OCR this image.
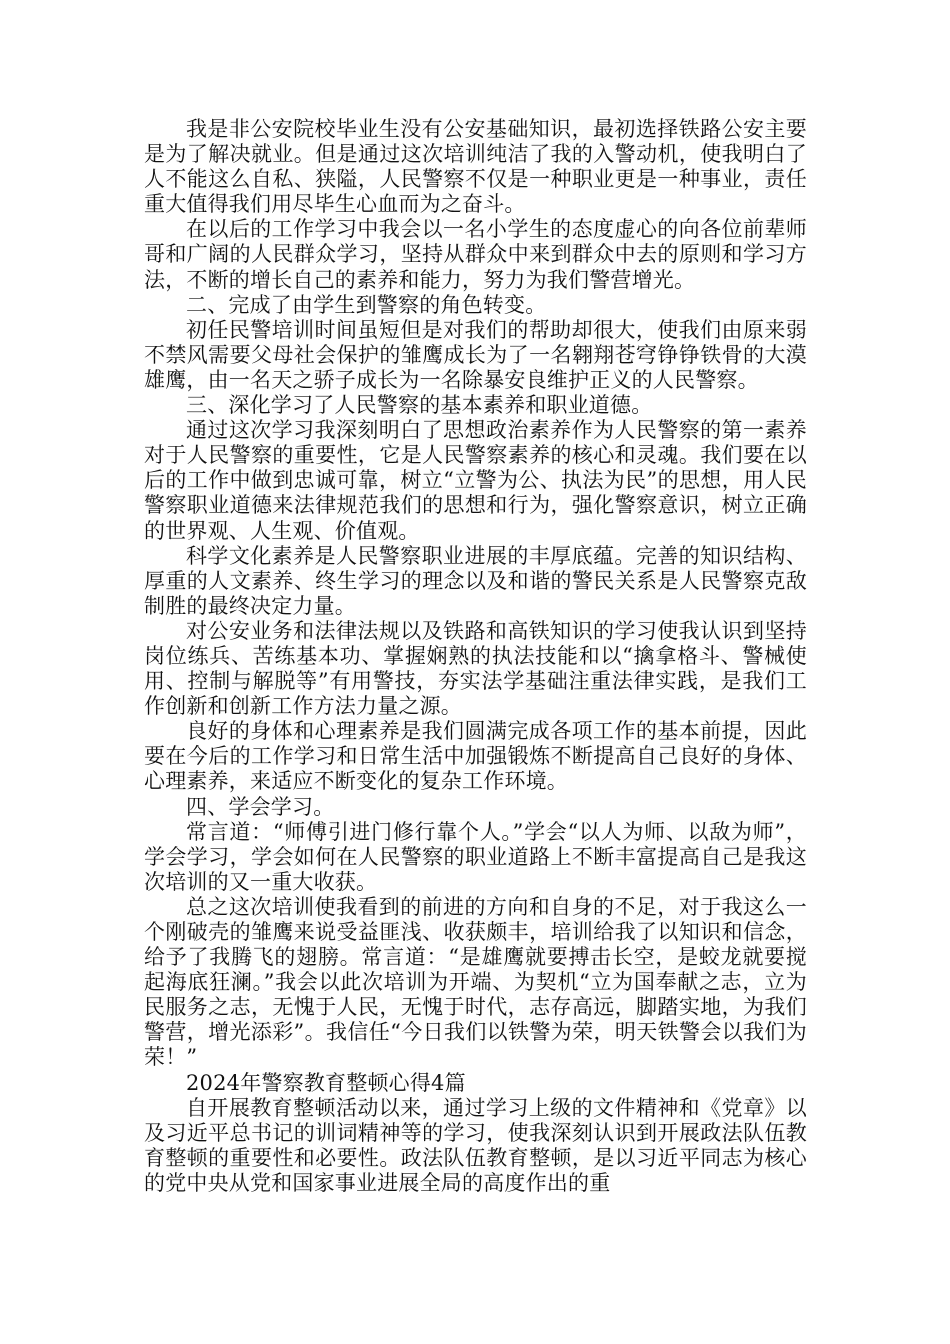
我是非公安院校毕业生没有公安基础知识，最初选择铁路公安主要是为了解决就业。但是通过这次培训纯洁了我的入警动机，使我明白了人不能这么自私、狭隘，人民警察不仅是一种职业更是一种事业，责任重大值得我们用尽毕生心血而为之奋斗。

在以后的工作学习中我会以一名小学生的态度虚心的向各位前辈师哥和广阔的人民群众学习，坚持从群众中来到群众中去的原则和学习方法，不断的增长自己的素养和能力，努力为我们警营增光。

二、完成了由学生到警察的角色转变。

初任民警培训时间虽短但是对我们的帮助却很大，使我们由原来弱不禁风需要父母社会保护的雏鹰成长为了一名翱翔苍穹铮铮铁骨的大漠雄鹰，由一名天之骄子成长为一名除暴安良维护正义的人民警察。

三、深化学习了人民警察的基本素养和职业道德。

通过这次学习我深刻明白了思想政治素养作为人民警察的第一素养对于人民警察的重要性，它是人民警察素养的核心和灵魂。我们要在以后的工作中做到忠诚可靠，树立“立警为公、执法为民”的思想，用人民警察职业道德来法律规范我们的思想和行为，强化警察意识，树立正确的世界观、人生观、价值观。

科学文化素养是人民警察职业进展的丰厚底蕴。完善的知识结构、厚重的人文素养、终生学习的理念以及和谐的警民关系是人民警察克敌制胜的最终决定力量。

对公安业务和法律法规以及铁路和高铁知识的学习使我认识到坚持岗位练兵、苦练基本功、掌握娴熟的执法技能和以“擒拿格斗、警械使用、控制与解脱等”有用警技，夯实法学基础注重法律实践，是我们工作创新和创新工作方法力量之源。

良好的身体和心理素养是我们圆满完成各项工作的基本前提，因此要在今后的工作学习和日常生活中加强锻炼不断提高自己良好的身体、心理素养，来适应不断变化的复杂工作环境。

四、学会学习。

常言道：“师傅引进门修行靠个人。”学会“以人为师、以敌为师”，学会学习，学会如何在人民警察的职业道路上不断丰富提高自己是我这次培训的又一重大收获。

总之这次培训使我看到的前进的方向和自身的不足，对于我这么一个刚破壳的雏鹰来说受益匪浅、收获颇丰，培训给我了以知识和信念，给予了我腾飞的翅膀。常言道：“是雄鹰就要搏击长空，是蛟龙就要搅起海底狂澜。”我会以此次培训为开端、为契机“立为国奉献之志，立为民服务之志，无愧于人民，无愧于时代，志存高远，脚踏实地，为我们警营，增光添彩”。我信任“今日我们以铁警为荣，明天铁警会以我们为荣！”

2024年警察教育整顿心得4篇

自开展教育整顿活动以来，通过学习上级的文件精神和《党章》以及习近平总书记的训词精神等的学习，使我深刻认识到开展政法队伍教育整顿的重要性和必要性。政法队伍教育整顿，是以习近平同志为核心的党中央从党和国家事业进展全局的高度作出的重
